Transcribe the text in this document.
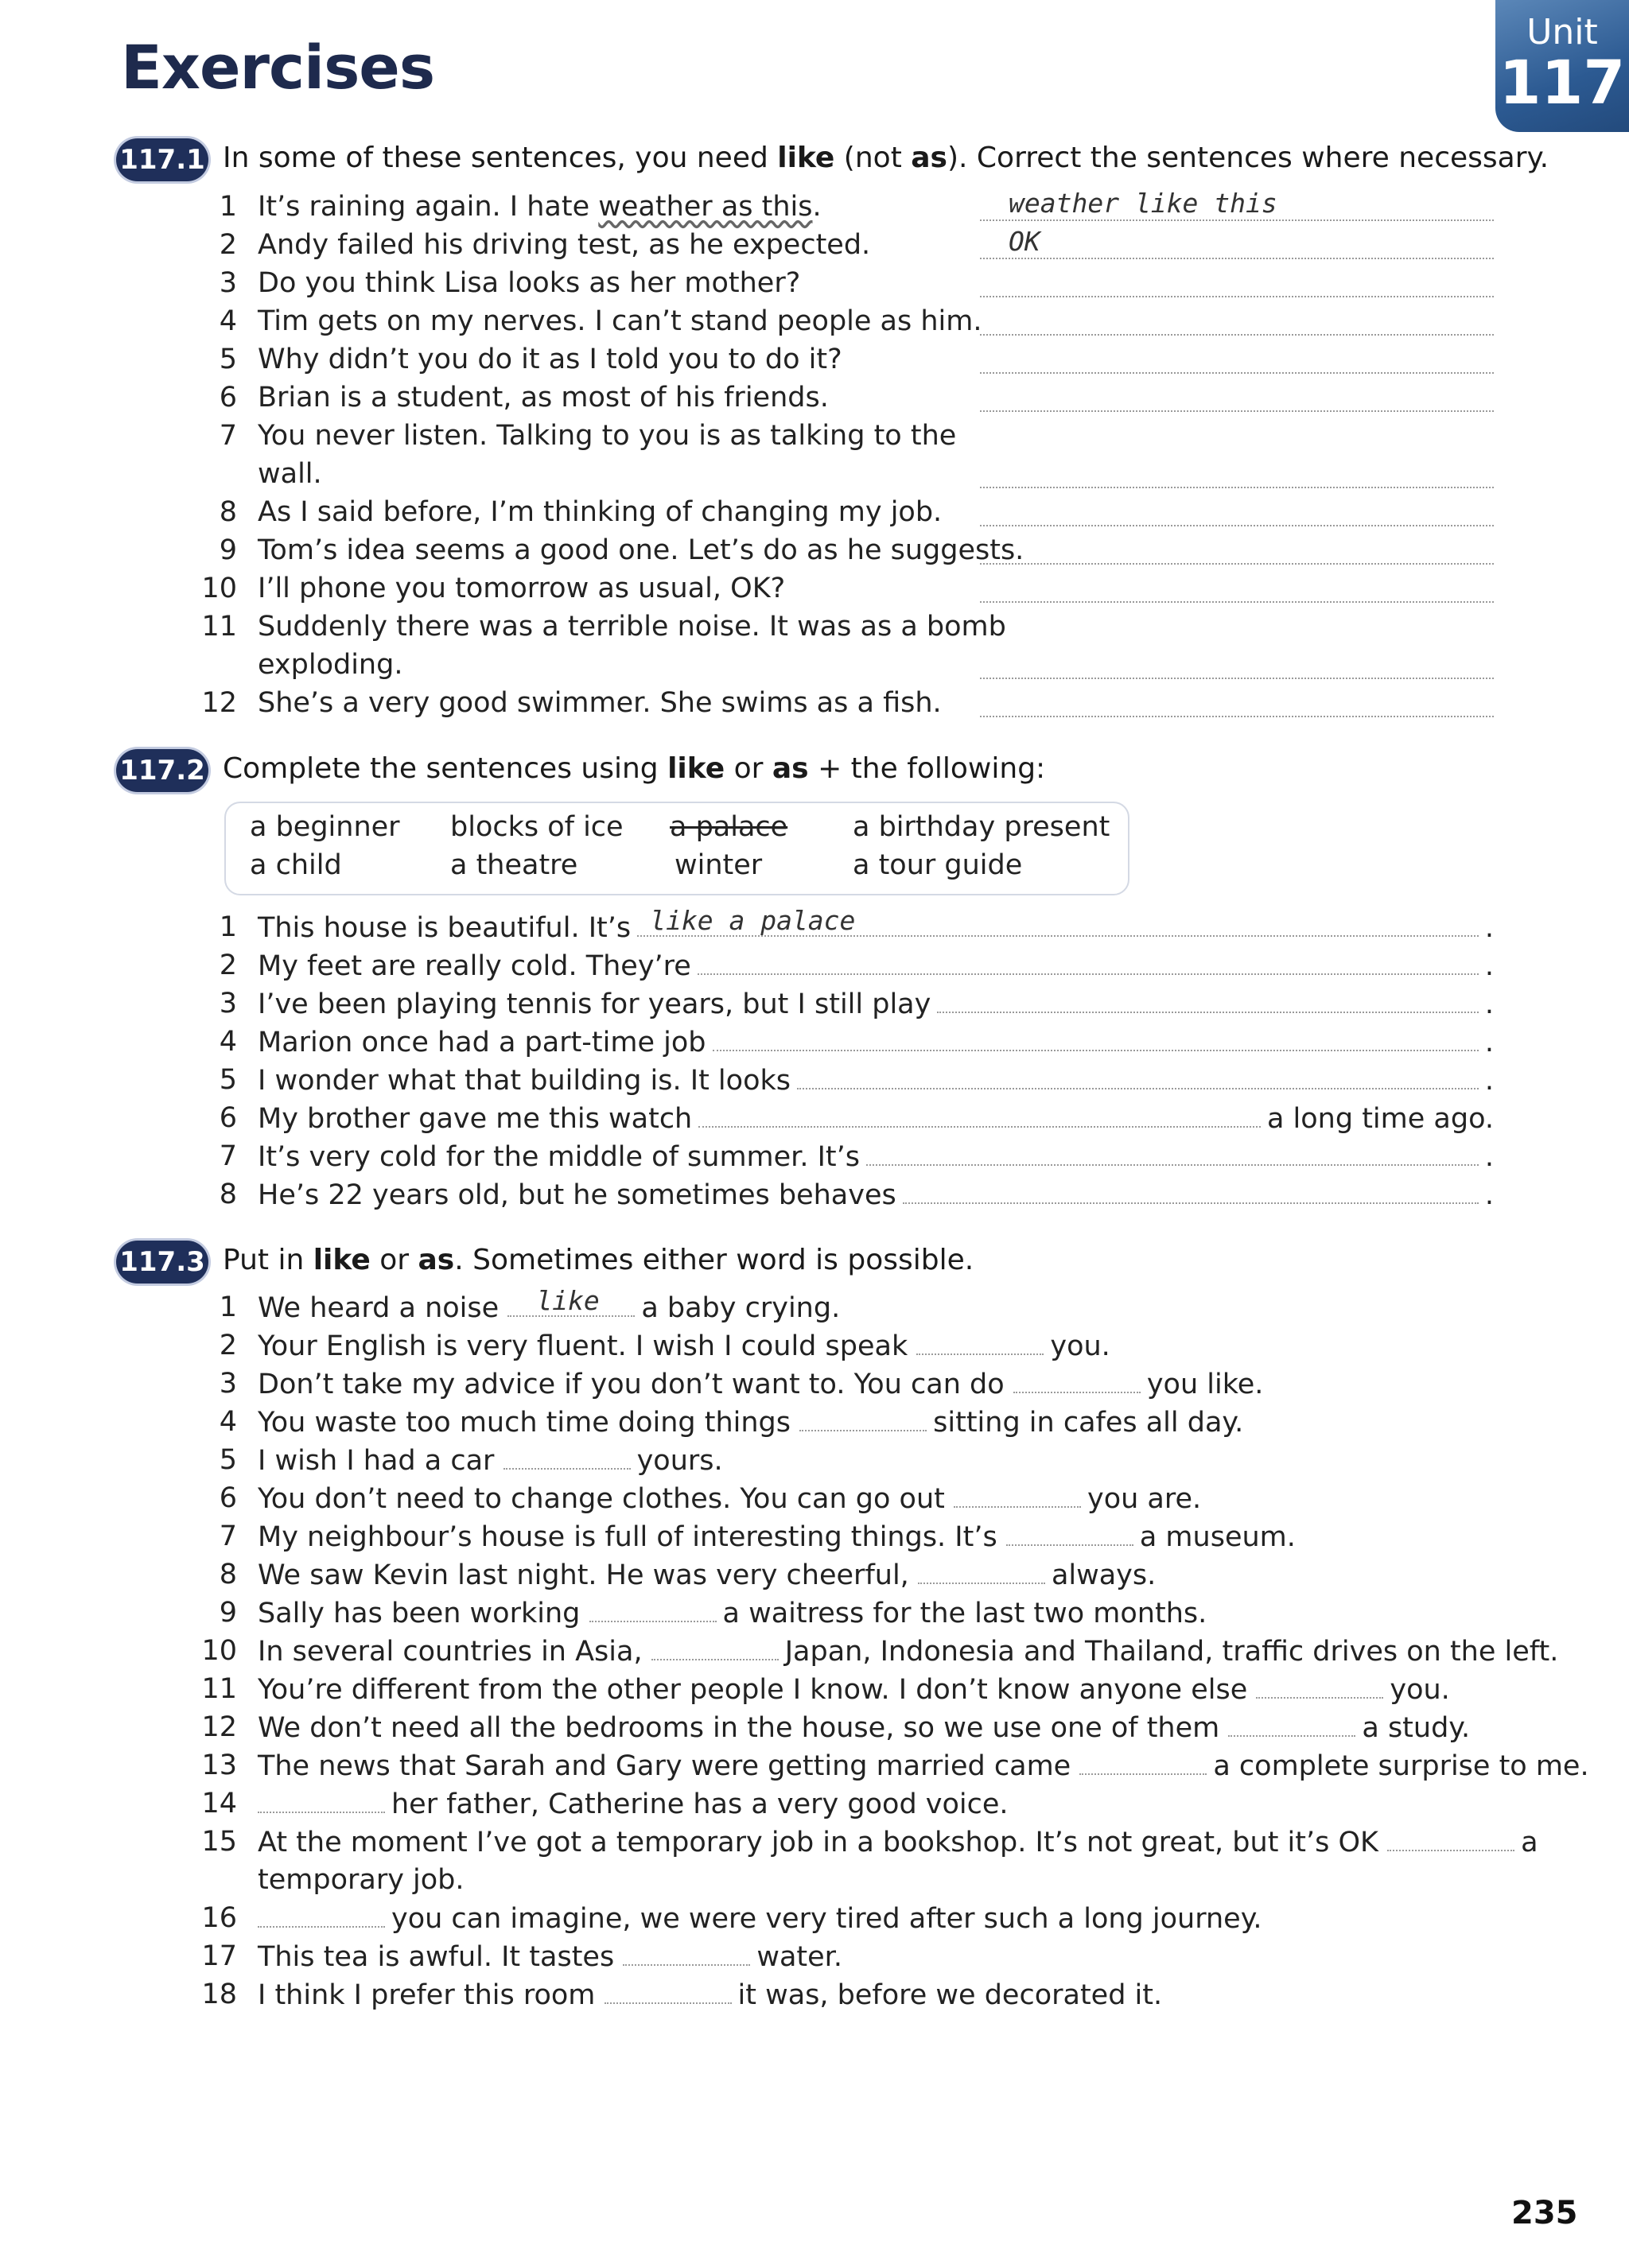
Exercises	Unit
117
117.1 In some of these sentences, you need like (not as). Correct the sentences where necessary.
1 It’s raining again. I hate weather as this.	weather like this
2 Andy failed his driving test, as he expected.	OK
3 Do you think Lisa looks as her mother?
4 Tim gets on my nerves. I can’t stand people as him.
5 Why didn’t you do it as I told you to do it?
6 Brian is a student, as most of his friends.
7 You never listen. Talking to you is as talking to the
wall.
8 As I said before, I’m thinking of changing my job.
9 Tom’s idea seems a good one. Let’s do as he suggests.
10 I’ll phone you tomorrow as usual, OK?
11 Suddenly there was a terrible noise. It was as a bomb
exploding.
12 She’s a very good swimmer. She swims as a fish.
117.2 Complete the sentences using like or as + the following:
a beginner blocks of ice a palace a birthday present
a child	a theatre	winter	a tour guide
1 This house is beautiful. It’s like a palace	.
2 My feet are really cold. They’re	.
3 I’ve been playing tennis for years, but I still play	.
4 Marion once had a part-time job	.
5 I wonder what that building is. It looks	.
6 My brother gave me this watch	a long time ago.
7 It’s very cold for the middle of summer. It’s	.
8 He’s 22 years old, but he sometimes behaves	.
117.3 Put in like or as. Sometimes either word is possible.
1 We heard a noise like a baby crying.
2 Your English is very fluent. I wish I could speak	you.
3 Don’t take my advice if you don’t want to. You can do	you like.
4 You waste too much time doing things	sitting in cafes all day.
5 I wish I had a car	yours.
6 You don’t need to change clothes. You can go out	you are.
7 My neighbour’s house is full of interesting things. It’s	a museum.
8 We saw Kevin last night. He was very cheerful,	always.
9 Sally has been working	a waitress for the last two months.
10 In several countries in Asia,	Japan, Indonesia and Thailand, traffic drives on the left.
11 You’re different from the other people I know. I don’t know anyone else	you.
12 We don’t need all the bedrooms in the house, so we use one of them	a study.
13 The news that Sarah and Gary were getting married came	a complete surprise to me.
14	her father, Catherine has a very good voice.
15 At the moment I’ve got a temporary job in a bookshop. It’s not great, but it’s OK	a
temporary job.
16	you can imagine, we were very tired after such a long journey.
17 This tea is awful. It tastes	water.
18 I think I prefer this room	it was, before we decorated it.
235
